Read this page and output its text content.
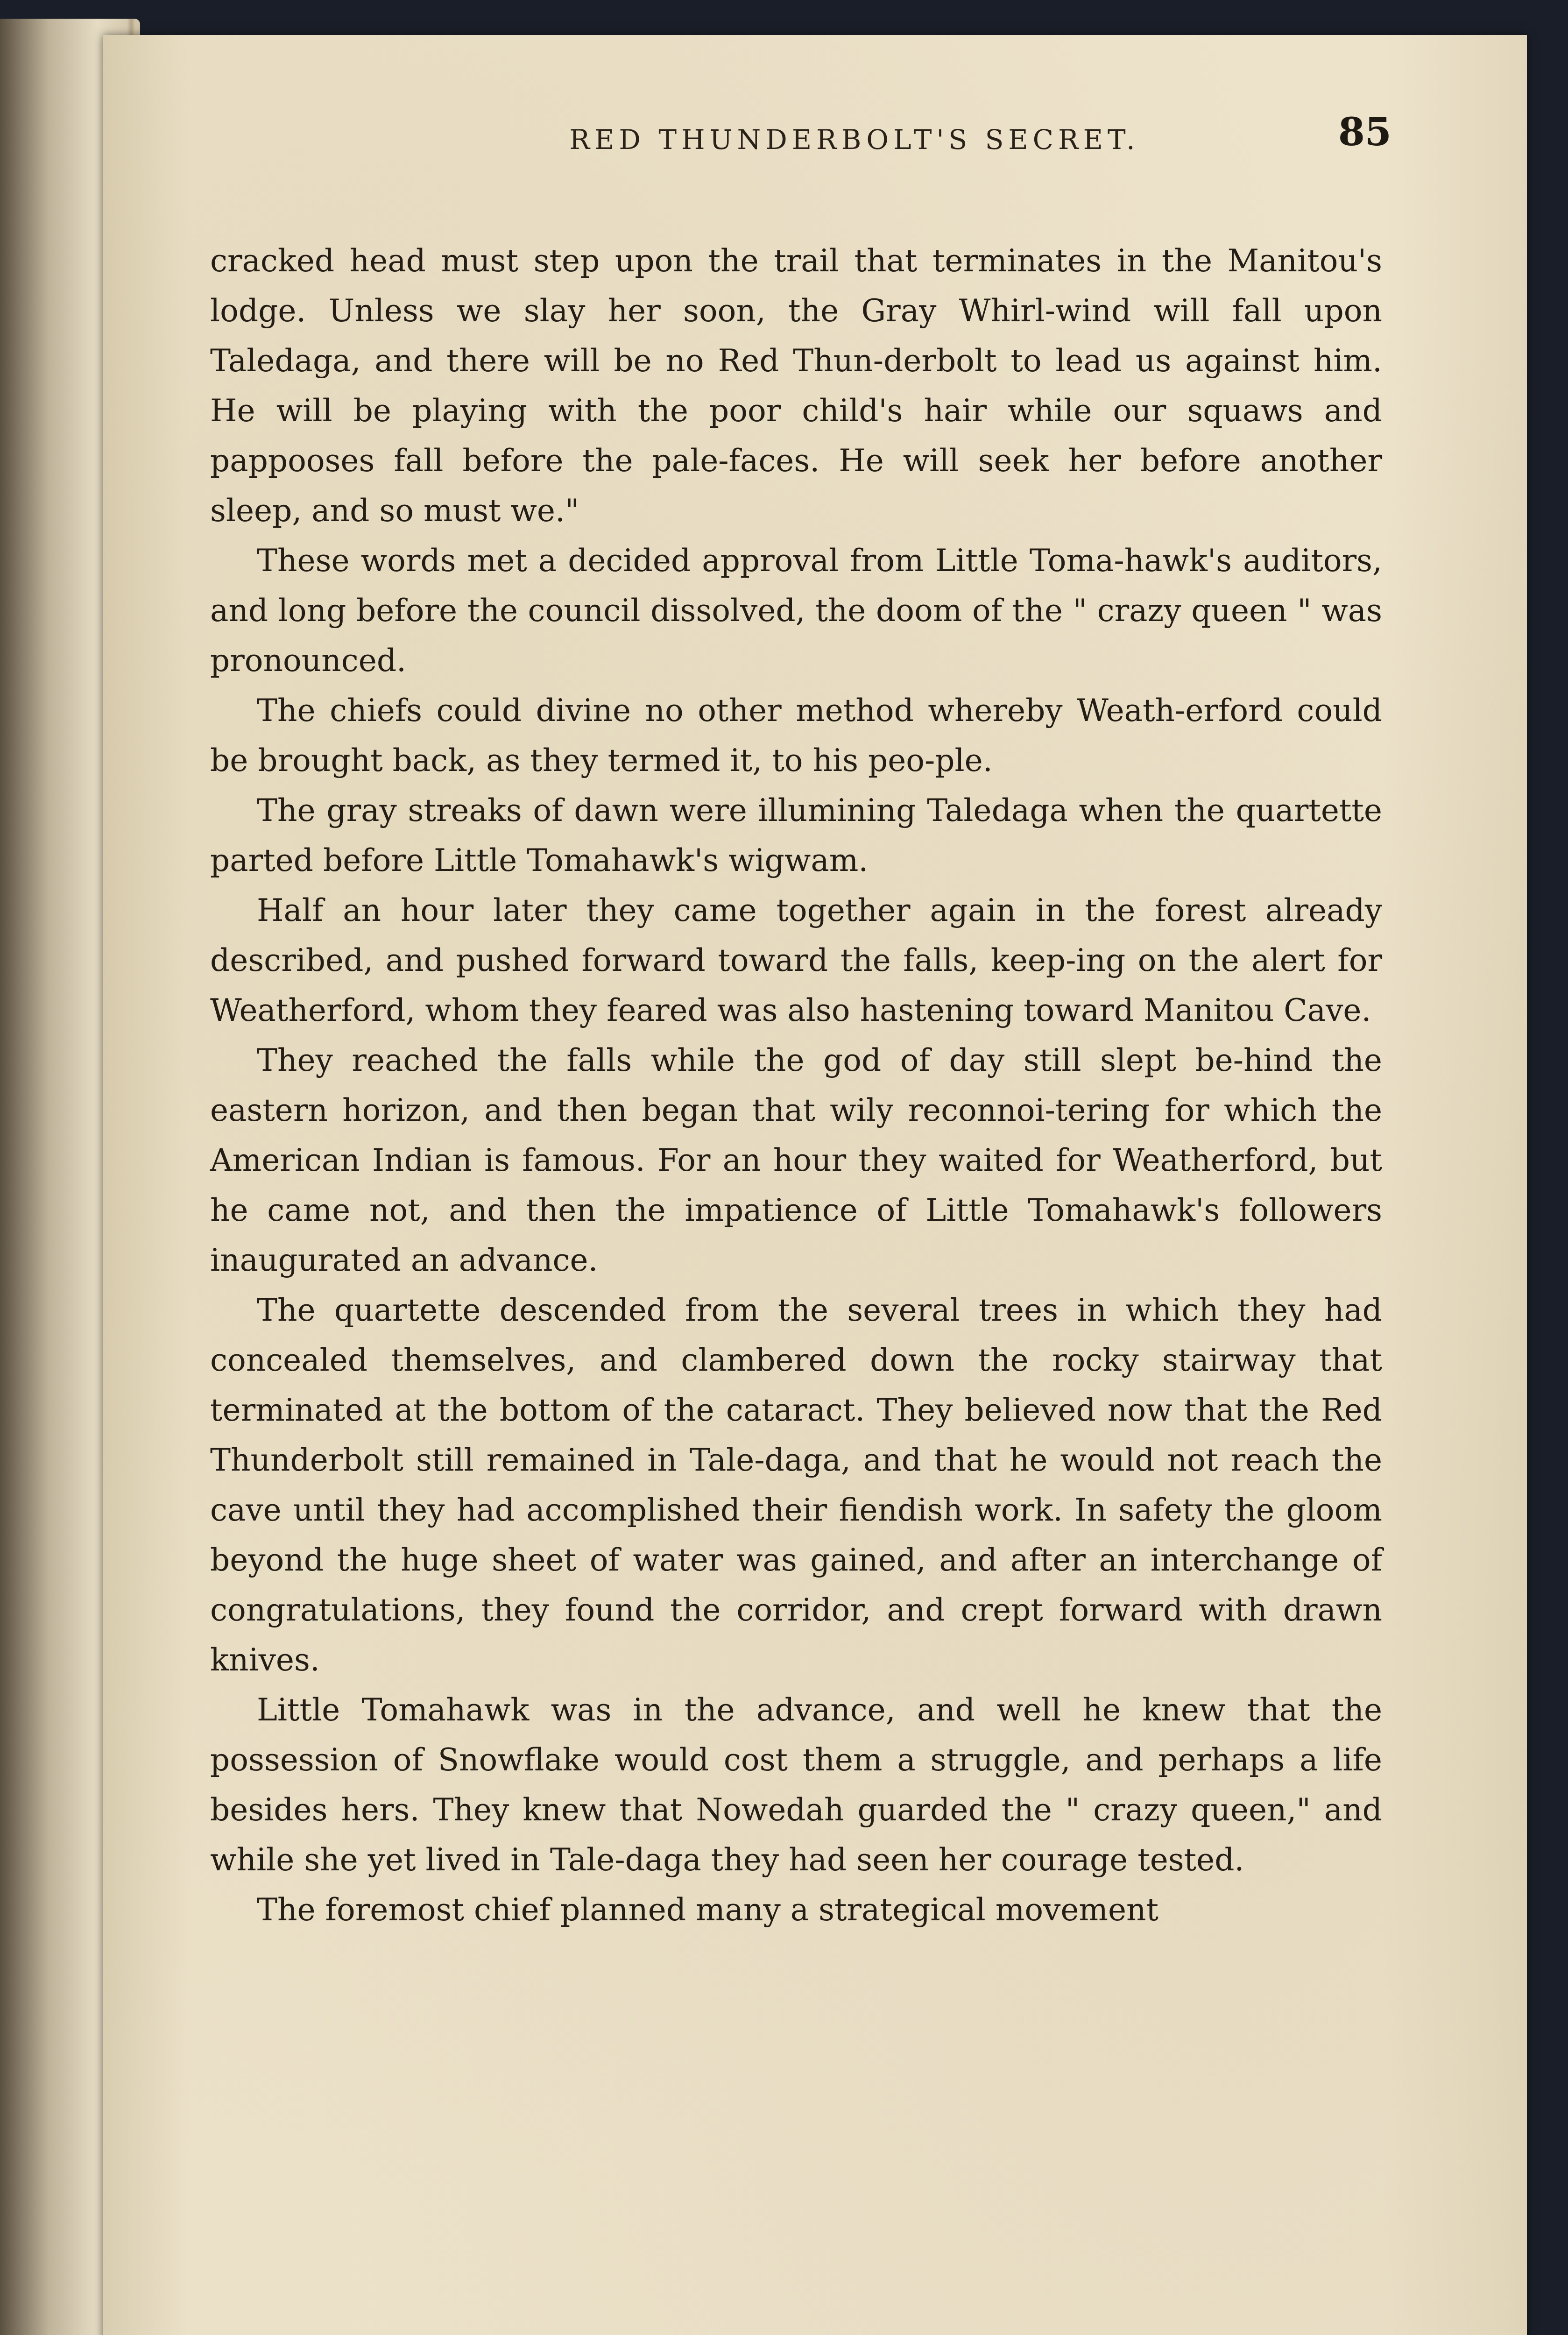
RED THUNDERBOLT'S SECRET.	85

cracked head must step upon the trail that terminates in the Manitou's lodge. Unless we slay her soon, the Gray Whirl-wind will fall upon Taledaga, and there will be no Red Thun-derbolt to lead us against him. He will be playing with the poor child's hair while our squaws and pappooses fall before the pale-faces. He will seek her before another sleep, and so must we."

These words met a decided approval from Little Toma-hawk's auditors, and long before the council dissolved, the doom of the " crazy queen " was pronounced.

The chiefs could divine no other method whereby Weath-erford could be brought back, as they termed it, to his peo-ple.

The gray streaks of dawn were illumining Taledaga when the quartette parted before Little Tomahawk's wigwam.

Half an hour later they came together again in the forest already described, and pushed forward toward the falls, keep-ing on the alert for Weatherford, whom they feared was also hastening toward Manitou Cave.

They reached the falls while the god of day still slept be-hind the eastern horizon, and then began that wily reconnoi-tering for which the American Indian is famous. For an hour they waited for Weatherford, but he came not, and then the impatience of Little Tomahawk's followers inaugurated an advance.

The quartette descended from the several trees in which they had concealed themselves, and clambered down the rocky stairway that terminated at the bottom of the cataract. They believed now that the Red Thunderbolt still remained in Tale-daga, and that he would not reach the cave until they had accomplished their fiendish work. In safety the gloom beyond the huge sheet of water was gained, and after an interchange of congratulations, they found the corridor, and crept forward with drawn knives.

Little Tomahawk was in the advance, and well he knew that the possession of Snowflake would cost them a struggle, and perhaps a life besides hers. They knew that Nowedah guarded the " crazy queen," and while she yet lived in Tale-daga they had seen her courage tested.

The foremost chief planned many a strategical movement
